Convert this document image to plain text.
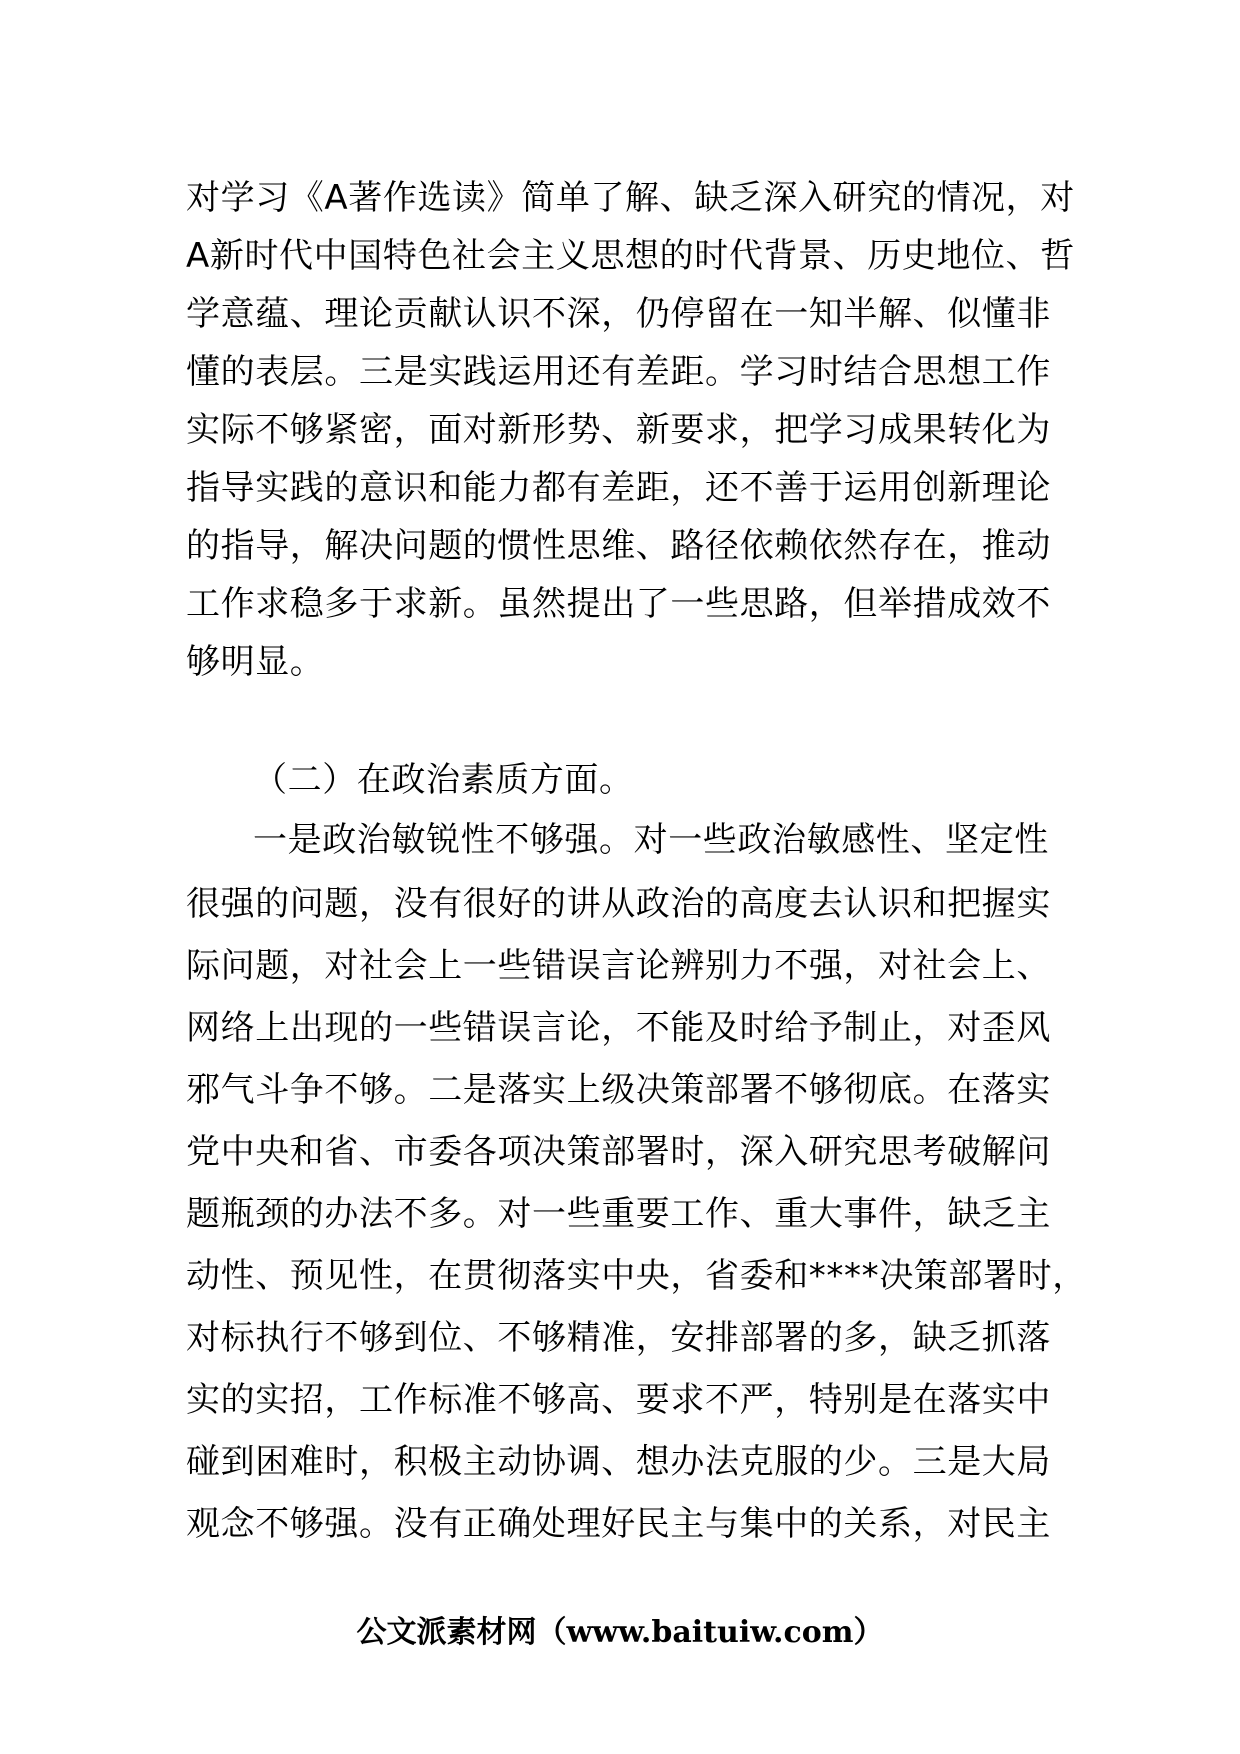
对学习《A著作选读》简单了解、缺乏深入研究的情况，对
A新时代中国特色社会主义思想的时代背景、历史地位、哲
学意蕴、理论贡献认识不深，仍停留在一知半解、似懂非
懂的表层。三是实践运用还有差距。学习时结合思想工作
实际不够紧密，面对新形势、新要求，把学习成果转化为
指导实践的意识和能力都有差距，还不善于运用创新理论
的指导，解决问题的惯性思维、路径依赖依然存在，推动
工作求稳多于求新。虽然提出了一些思路，但举措成效不
够明显。
（二）在政治素质方面。
一是政治敏锐性不够强。对一些政治敏感性、坚定性
很强的问题，没有很好的讲从政治的高度去认识和把握实
际问题，对社会上一些错误言论辨别力不强，对社会上、
网络上出现的一些错误言论，不能及时给予制止，对歪风
邪气斗争不够。二是落实上级决策部署不够彻底。在落实
党中央和省、市委各项决策部署时，深入研究思考破解问
题瓶颈的办法不多。对一些重要工作、重大事件，缺乏主
动性、预见性，在贯彻落实中央，省委和****决策部署时，
对标执行不够到位、不够精准，安排部署的多，缺乏抓落
实的实招，工作标准不够高、要求不严，特别是在落实中
碰到困难时，积极主动协调、想办法克服的少。三是大局
观念不够强。没有正确处理好民主与集中的关系，对民主
公文派素材网（www.baituiw.com）
